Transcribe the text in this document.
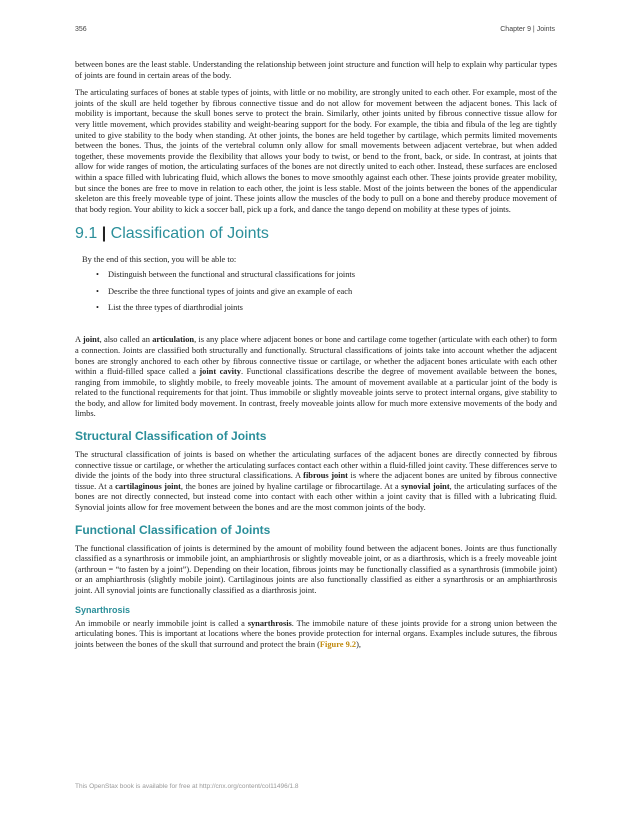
356	Chapter 9 | Joints

between bones are the least stable. Understanding the relationship between joint structure and function will help to explain why particular types of joints are found in certain areas of the body.

The articulating surfaces of bones at stable types of joints, with little or no mobility, are strongly united to each other. For example, most of the joints of the skull are held together by fibrous connective tissue and do not allow for movement between the adjacent bones. This lack of mobility is important, because the skull bones serve to protect the brain. Similarly, other joints united by fibrous connective tissue allow for very little movement, which provides stability and weight-bearing support for the body. For example, the tibia and fibula of the leg are tightly united to give stability to the body when standing. At other joints, the bones are held together by cartilage, which permits limited movements between the bones. Thus, the joints of the vertebral column only allow for small movements between adjacent vertebrae, but when added together, these movements provide the flexibility that allows your body to twist, or bend to the front, back, or side. In contrast, at joints that allow for wide ranges of motion, the articulating surfaces of the bones are not directly united to each other. Instead, these surfaces are enclosed within a space filled with lubricating fluid, which allows the bones to move smoothly against each other. These joints provide greater mobility, but since the bones are free to move in relation to each other, the joint is less stable. Most of the joints between the bones of the appendicular skeleton are this freely moveable type of joint. These joints allow the muscles of the body to pull on a bone and thereby produce movement of that body region. Your ability to kick a soccer ball, pick up a fork, and dance the tango depend on mobility at these types of joints.

9.1 | Classification of Joints
By the end of this section, you will be able to:
• Distinguish between the functional and structural classifications for joints
• Describe the three functional types of joints and give an example of each
• List the three types of diarthrodial joints

A joint, also called an articulation, is any place where adjacent bones or bone and cartilage come together (articulate with each other) to form a connection. Joints are classified both structurally and functionally. Structural classifications of joints take into account whether the adjacent bones are strongly anchored to each other by fibrous connective tissue or cartilage, or whether the adjacent bones articulate with each other within a fluid-filled space called a joint cavity. Functional classifications describe the degree of movement available between the bones, ranging from immobile, to slightly mobile, to freely moveable joints. The amount of movement available at a particular joint of the body is related to the functional requirements for that joint. Thus immobile or slightly moveable joints serve to protect internal organs, give stability to the body, and allow for limited body movement. In contrast, freely moveable joints allow for much more extensive movements of the body and limbs.

Structural Classification of Joints

The structural classification of joints is based on whether the articulating surfaces of the adjacent bones are directly connected by fibrous connective tissue or cartilage, or whether the articulating surfaces contact each other within a fluid-filled joint cavity. These differences serve to divide the joints of the body into three structural classifications. A fibrous joint is where the adjacent bones are united by fibrous connective tissue. At a cartilaginous joint, the bones are joined by hyaline cartilage or fibrocartilage. At a synovial joint, the articulating surfaces of the bones are not directly connected, but instead come into contact with each other within a joint cavity that is filled with a lubricating fluid. Synovial joints allow for free movement between the bones and are the most common joints of the body.

Functional Classification of Joints

The functional classification of joints is determined by the amount of mobility found between the adjacent bones. Joints are thus functionally classified as a synarthrosis or immobile joint, an amphiarthrosis or slightly moveable joint, or as a diarthrosis, which is a freely moveable joint (arthroun = “to fasten by a joint”). Depending on their location, fibrous joints may be functionally classified as a synarthrosis (immobile joint) or an amphiarthrosis (slightly mobile joint). Cartilaginous joints are also functionally classified as either a synarthrosis or an amphiarthrosis joint. All synovial joints are functionally classified as a diarthrosis joint.

Synarthrosis

An immobile or nearly immobile joint is called a synarthrosis. The immobile nature of these joints provide for a strong union between the articulating bones. This is important at locations where the bones provide protection for internal organs. Examples include sutures, the fibrous joints between the bones of the skull that surround and protect the brain (Figure 9.2),

This OpenStax book is available for free at http://cnx.org/content/col11496/1.8
